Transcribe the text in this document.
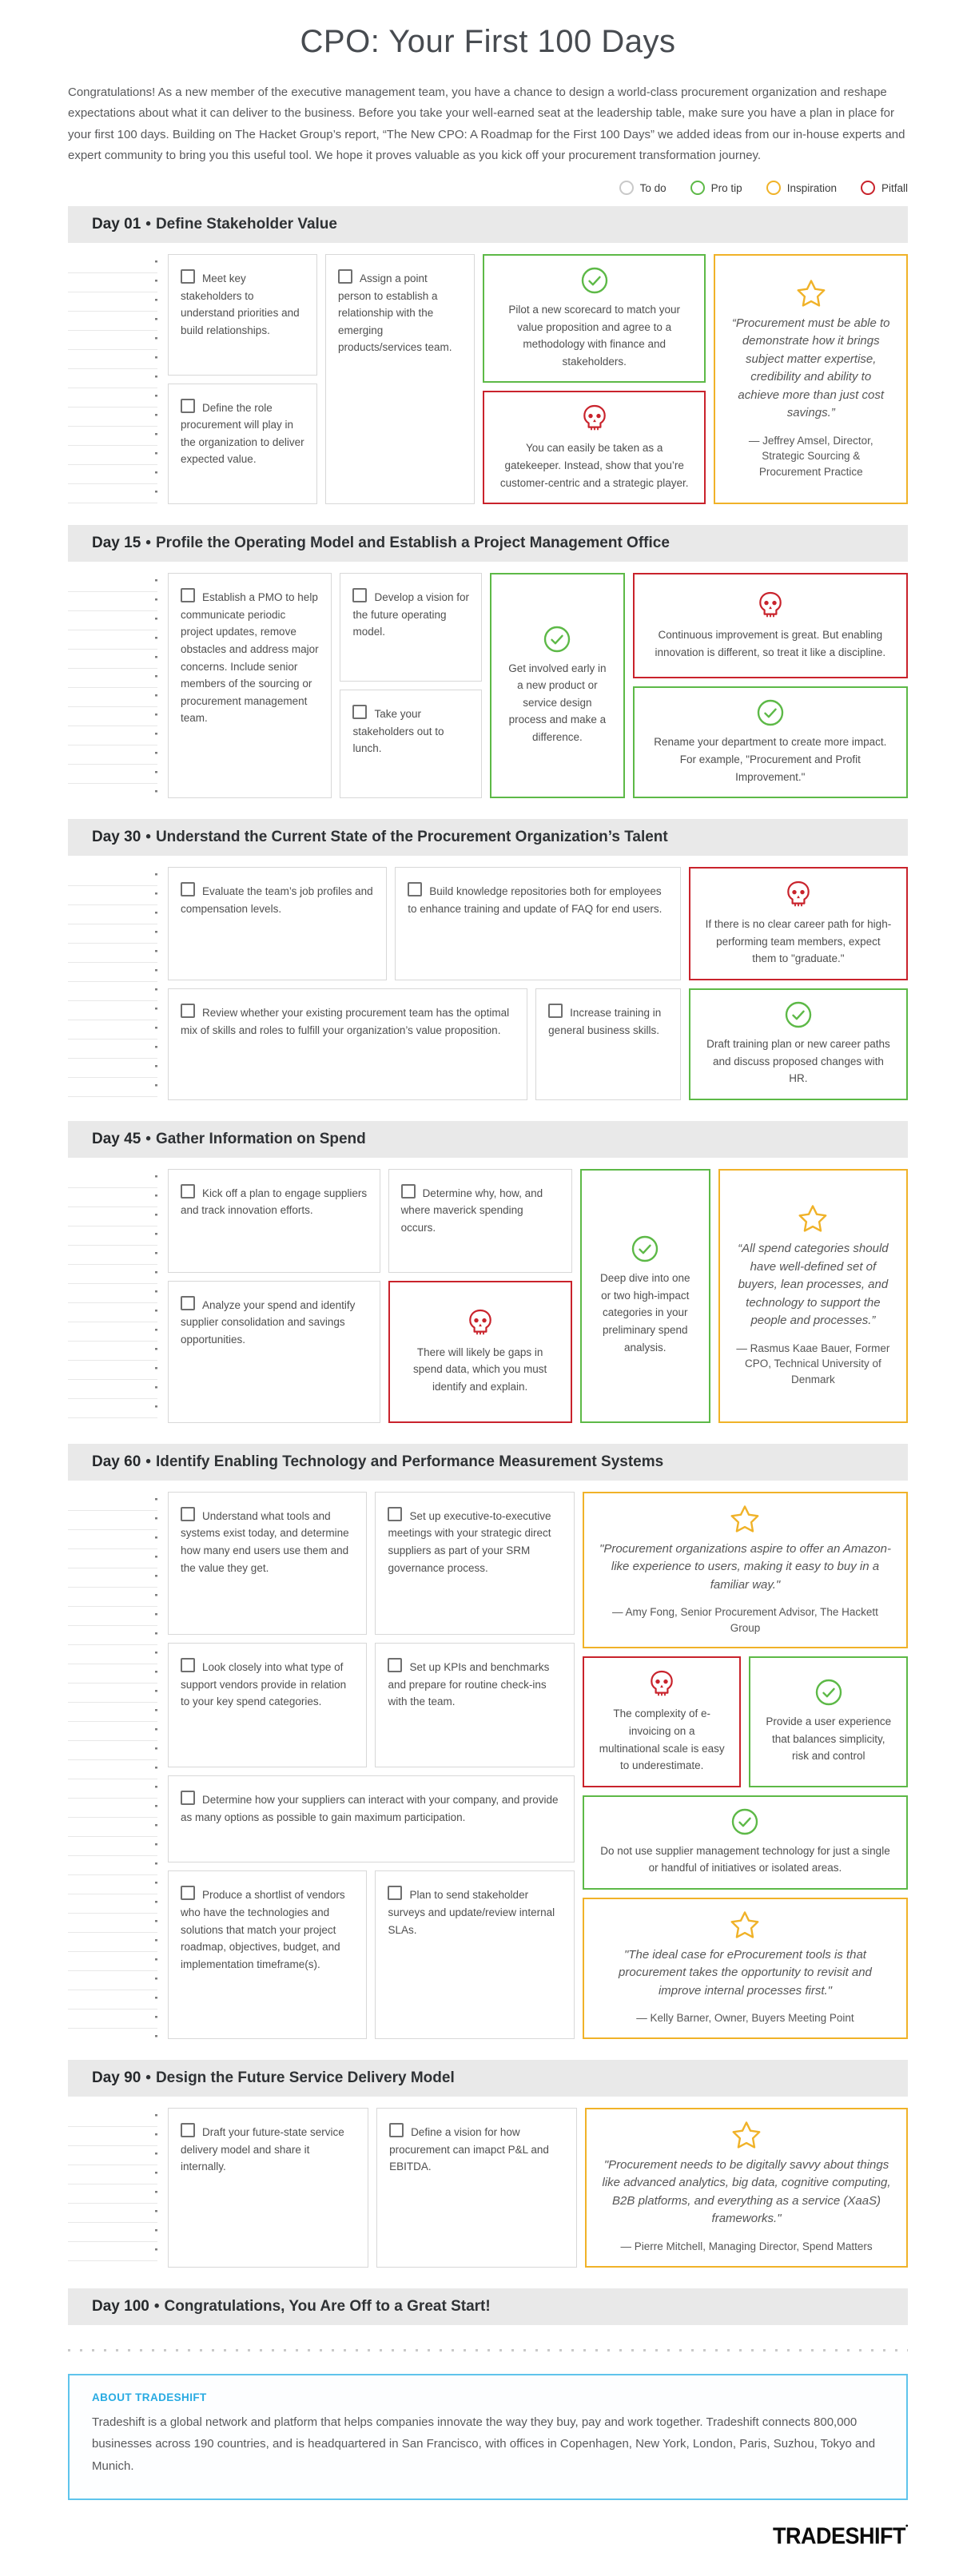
CPO: Your First 100 Days

Congratulations! As a new member of the executive management team, you have a chance to design a world-class procurement organization and reshape expectations about what it can deliver to the business. Before you take your well-earned seat at the leadership table, make sure you have a plan in place for your first 100 days. Building on The Hacket Group’s report, “The New CPO: A Roadmap for the First 100 Days” we added ideas from our in-house experts and expert community to bring you this useful tool. We hope it proves valuable as you kick off your procurement transformation journey.

To do	Pro tip	Inspiration	Pitfall
Day 01 • Define Stakeholder Value
Meet key stakeholders to understand priorities and build relationships.
Define the role procurement will play in the organization to deliver expected value.
Assign a point person to establish a relationship with the emerging products/services team.
Pilot a new scorecard to match your value proposition and agree to a methodology with finance and stakeholders.
You can easily be taken as a gatekeeper. Instead, show that you’re customer-centric and a strategic player.
“Procurement must be able to demonstrate how it brings subject matter expertise, credibility and ability to achieve more than just cost savings.”
— Jeffrey Amsel, Director, Strategic Sourcing & Procurement Practice
Day 15 • Profile the Operating Model and Establish a Project Management Office
Establish a PMO to help communicate periodic project updates, remove obstacles and address major concerns. Include senior members of the sourcing or procurement management team.
Develop a vision for the future operating model.
Take your stakeholders out to lunch.
Get involved early in a new product or service design process and make a difference.
Continuous improvement is great. But enabling innovation is different, so treat it like a discipline.
Rename your department to create more impact. For example, "Procurement and Profit Improvement."
Day 30 • Understand the Current State of the Procurement Organization’s Talent
Evaluate the team’s job profiles and compensation levels.
Build knowledge repositories both for employees to enhance training and update of FAQ for end users.
If there is no clear career path for high-performing team members, expect them to "graduate."
Review whether your existing procurement team has the optimal mix of skills and roles to fulfill your organization’s value proposition.
Increase training in general business skills.
Draft training plan or new career paths and discuss proposed changes with HR.
Day 45 • Gather Information on Spend
Kick off a plan to engage suppliers and track innovation efforts.
Determine why, how, and where maverick spending occurs.
Analyze your spend and identify supplier consolidation and savings opportunities.
There will likely be gaps in spend data, which you must identify and explain.
Deep dive into one or two high-impact categories in your preliminary spend analysis.
“All spend categories should have well-defined set of buyers, lean processes, and technology to support the people and processes.”
— Rasmus Kaae Bauer, Former CPO, Technical University of Denmark
Day 60 • Identify Enabling Technology and Performance Measurement Systems
Understand what tools and systems exist today, and determine how many end users use them and the value they get.
Set up executive-to-executive meetings with your strategic direct suppliers as part of your SRM governance process.
Look closely into what type of support vendors provide in relation to your key spend categories.
Set up KPIs and benchmarks and prepare for routine check-ins with the team.
Determine how your suppliers can interact with your company, and provide as many options as possible to gain maximum participation.
Produce a shortlist of vendors who have the technologies and solutions that match your project roadmap, objectives, budget, and implementation timeframe(s).
Plan to send stakeholder surveys and update/review internal SLAs.
"Procurement organizations aspire to offer an Amazon-like experience to users, making it easy to buy in a familiar way."
— Amy Fong, Senior Procurement Advisor, The Hackett Group
The complexity of e-invoicing on a multinational scale is easy to underestimate.
Provide a user experience that balances simplicity, risk and control
Do not use supplier management technology for just a single or handful of initiatives or isolated areas.
"The ideal case for eProcurement tools is that procurement takes the opportunity to revisit and improve internal processes first."
— Kelly Barner, Owner, Buyers Meeting Point
Day 90 • Design the Future Service Delivery Model
Draft your future-state service delivery model and share it internally.
Define a vision for how procurement can imapct P&L and EBITDA.	"Procurement needs to be digitally savvy about things like advanced analytics, big data, cognitive computing, B2B platforms, and everything as a service (XaaS) frameworks."
— Pierre Mitchell, Managing Director, Spend Matters
Day 100 • Congratulations, You Are Off to a Great Start!
ABOUT TRADESHIFT

Tradeshift is a global network and platform that helps companies innovate the way they buy, pay and work together. Tradeshift connects 800,000 businesses across 190 countries, and is headquartered in San Francisco, with offices in Copenhagen, New York, London, Paris, Suzhou, Tokyo and Munich.

TRADESHIFT•
